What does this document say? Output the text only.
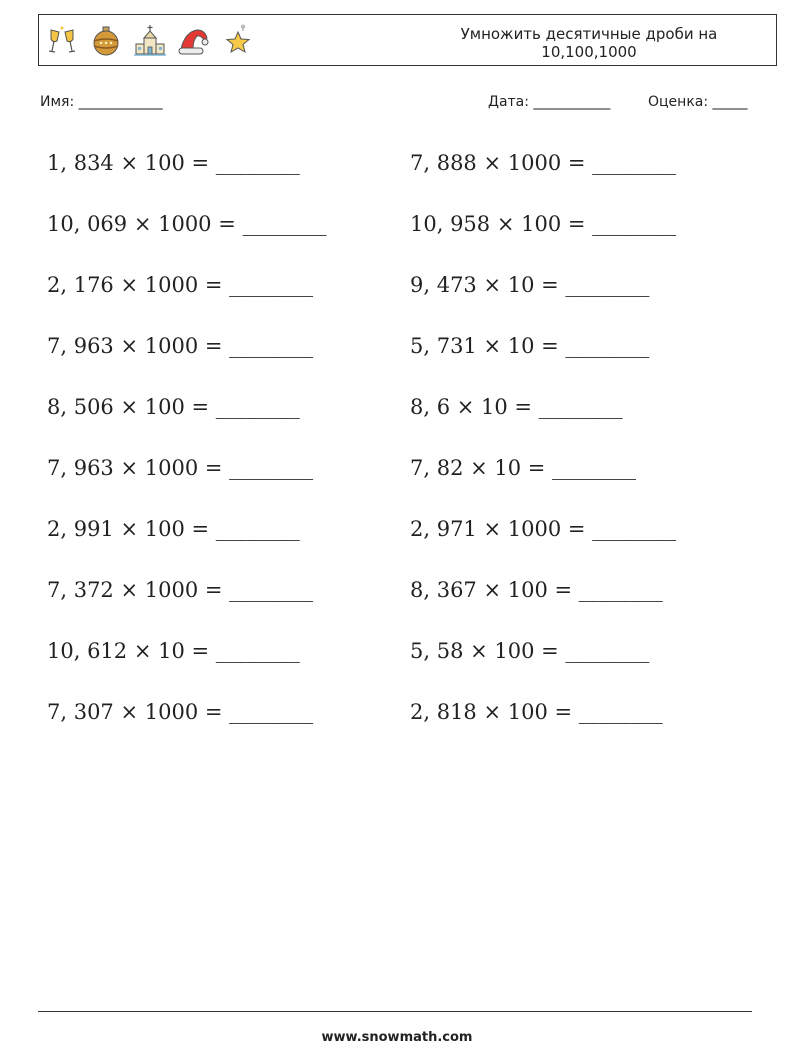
Умножить десятичные дроби на
10,100,1000
Имя: ____________	Дата: ___________	Оценка: _____
1, 834 × 100 = ________	7, 888 × 1000 = ________
10, 069 × 1000 = ________	10, 958 × 100 = ________
2, 176 × 1000 = ________	9, 473 × 10 = ________
7, 963 × 1000 = ________	5, 731 × 10 = ________
8, 506 × 100 = ________	8, 6 × 10 = ________
7, 963 × 1000 = ________	7, 82 × 10 = ________
2, 991 × 100 = ________	2, 971 × 1000 = ________
7, 372 × 1000 = ________	8, 367 × 100 = ________
10, 612 × 10 = ________	5, 58 × 100 = ________
7, 307 × 1000 = ________	2, 818 × 100 = ________
www.snowmath.com
